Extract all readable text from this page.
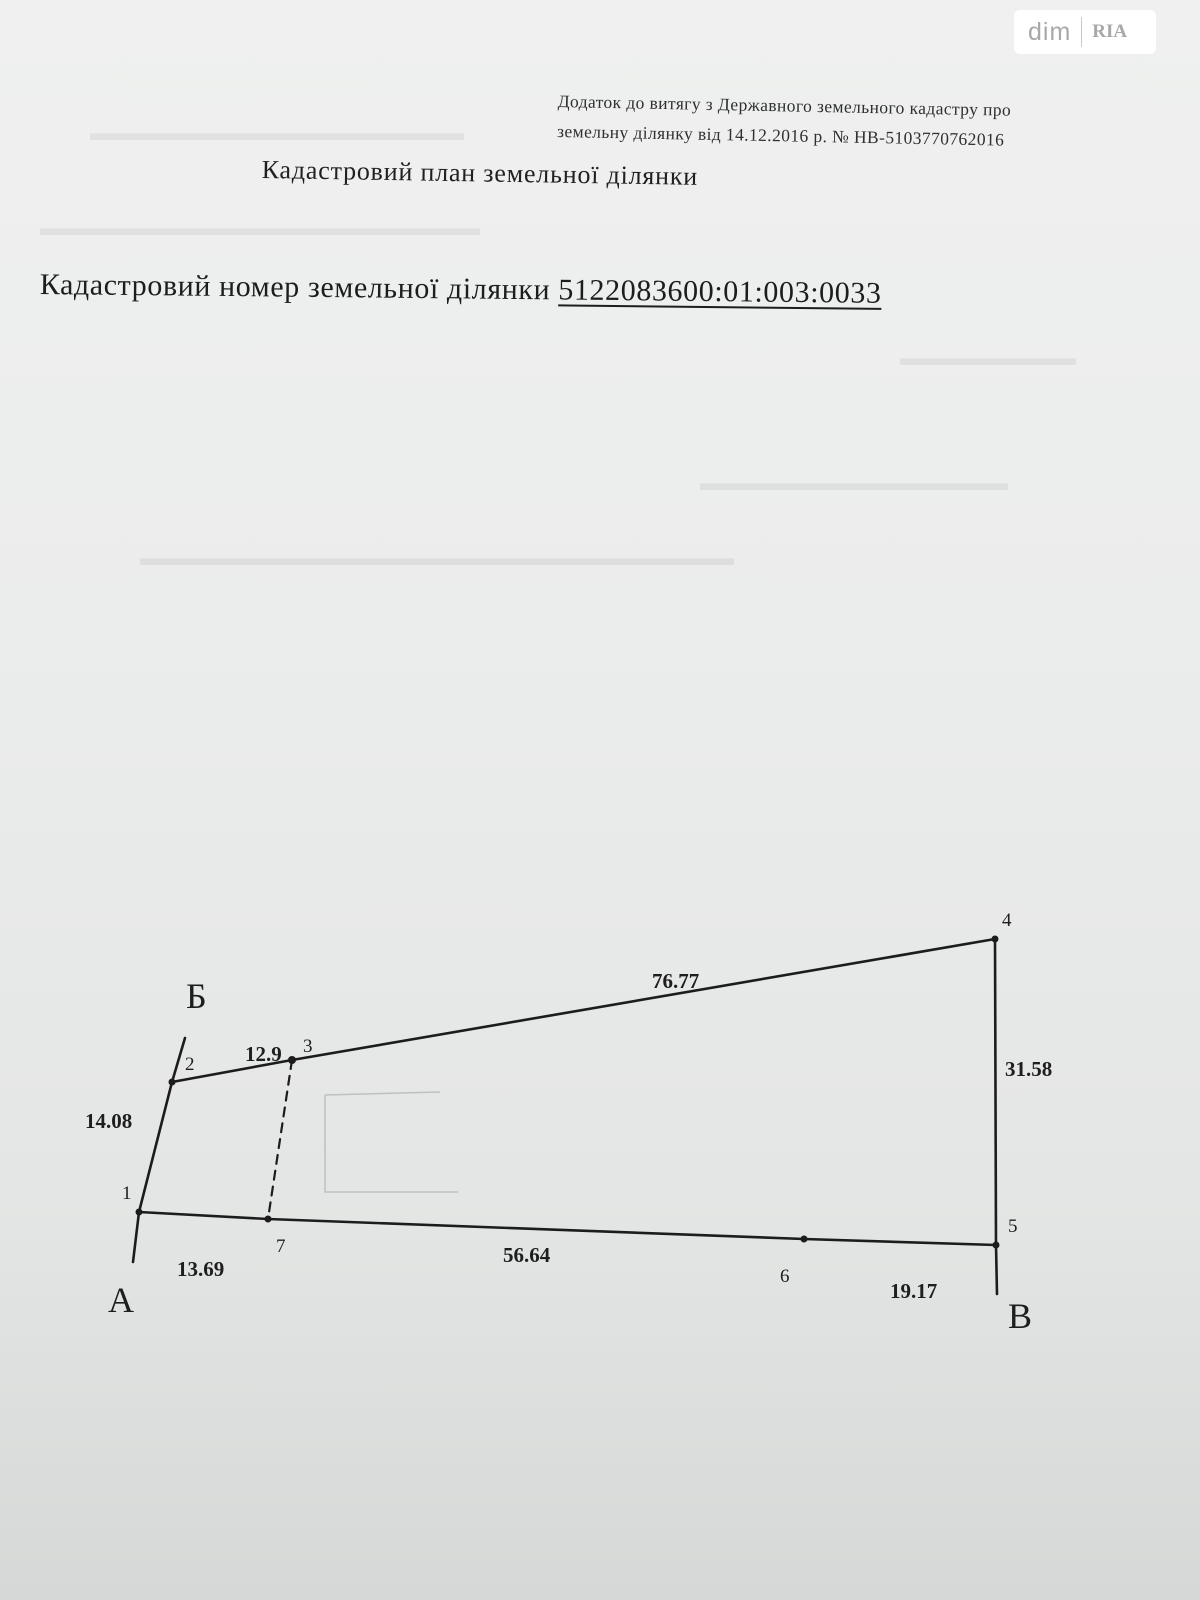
▬▬▬▬▬▬▬▬▬▬▬▬▬▬▬▬▬
▬▬▬▬▬▬▬▬▬▬▬▬▬▬▬▬▬▬▬▬
▬▬▬▬▬▬▬▬▬▬▬▬▬▬
▬▬▬▬▬▬▬▬▬▬▬▬▬▬▬▬▬▬▬▬▬▬▬▬▬▬▬
▬▬▬▬▬▬▬▬
dim RIA
Додаток до витягу з Державного земельного кадастру про
земельну ділянку від 14.12.2016 р. № НВ-5103770762016
Кадастровий план земельної ділянки
Кадастровий номер земельної ділянки 5122083600:01:003:0033
1
2
3
4
5
6
7
14.08
12.9
76.77
31.58
19.17
56.64
13.69
А
Б
В
